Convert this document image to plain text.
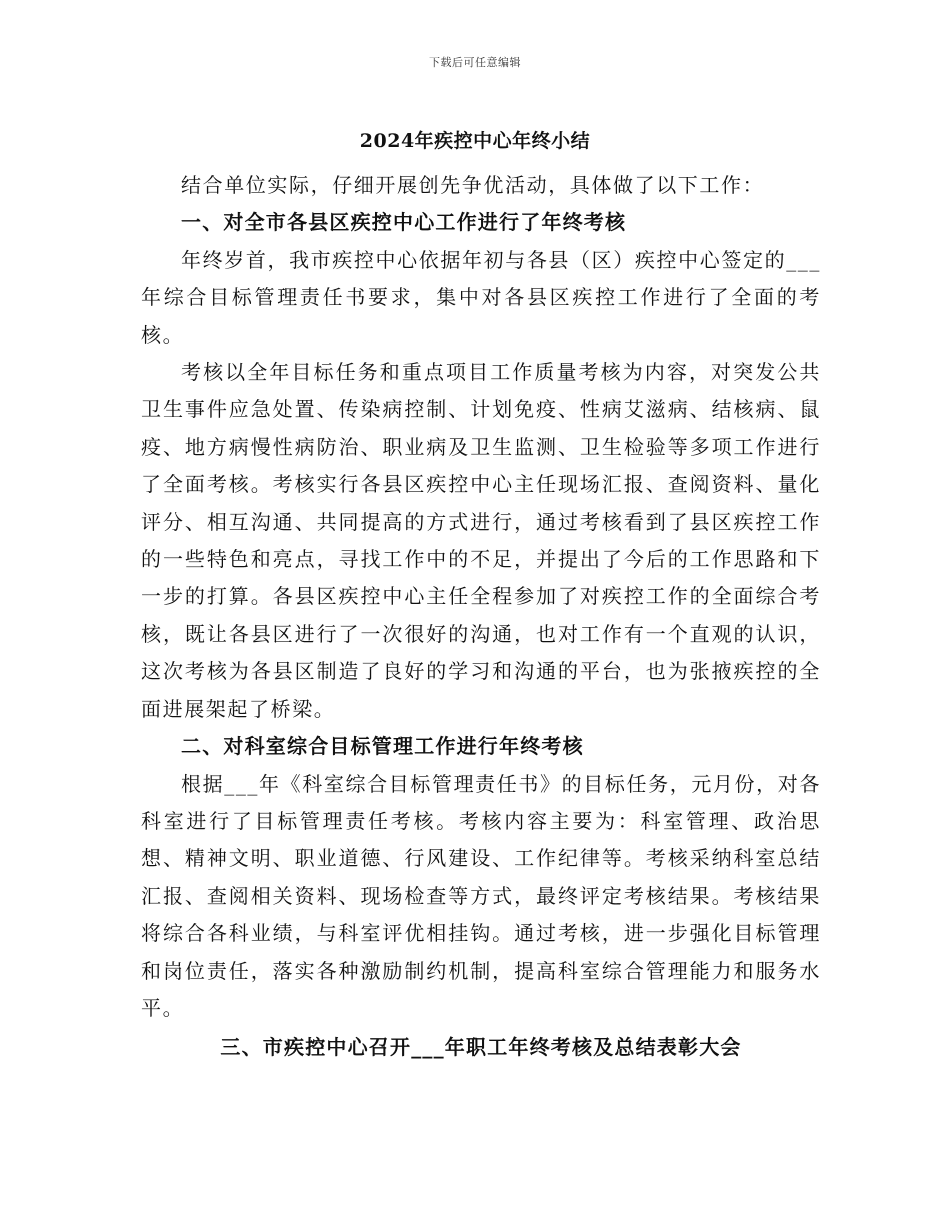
下载后可任意编辑
2024年疾控中心年终小结

结合单位实际，仔细开展创先争优活动，具体做了以下工作：

一、对全市各县区疾控中心工作进行了年终考核

年终岁首，我市疾控中心依据年初与各县（区）疾控中心签定的___年综合目标管理责任书要求，集中对各县区疾控工作进行了全面的考核。

考核以全年目标任务和重点项目工作质量考核为内容，对突发公共卫生事件应急处置、传染病控制、计划免疫、性病艾滋病、结核病、鼠疫、地方病慢性病防治、职业病及卫生监测、卫生检验等多项工作进行了全面考核。考核实行各县区疾控中心主任现场汇报、查阅资料、量化评分、相互沟通、共同提高的方式进行，通过考核看到了县区疾控工作的一些特色和亮点，寻找工作中的不足，并提出了今后的工作思路和下一步的打算。各县区疾控中心主任全程参加了对疾控工作的全面综合考核，既让各县区进行了一次很好的沟通，也对工作有一个直观的认识，这次考核为各县区制造了良好的学习和沟通的平台，也为张掖疾控的全面进展架起了桥梁。

二、对科室综合目标管理工作进行年终考核

根据___年《科室综合目标管理责任书》的目标任务，元月份，对各科室进行了目标管理责任考核。考核内容主要为：科室管理、政治思想、精神文明、职业道德、行风建设、工作纪律等。考核采纳科室总结汇报、查阅相关资料、现场检查等方式，最终评定考核结果。考核结果将综合各科业绩，与科室评优相挂钩。通过考核，进一步强化目标管理和岗位责任，落实各种激励制约机制，提高科室综合管理能力和服务水平。

三、市疾控中心召开___年职工年终考核及总结表彰大会
